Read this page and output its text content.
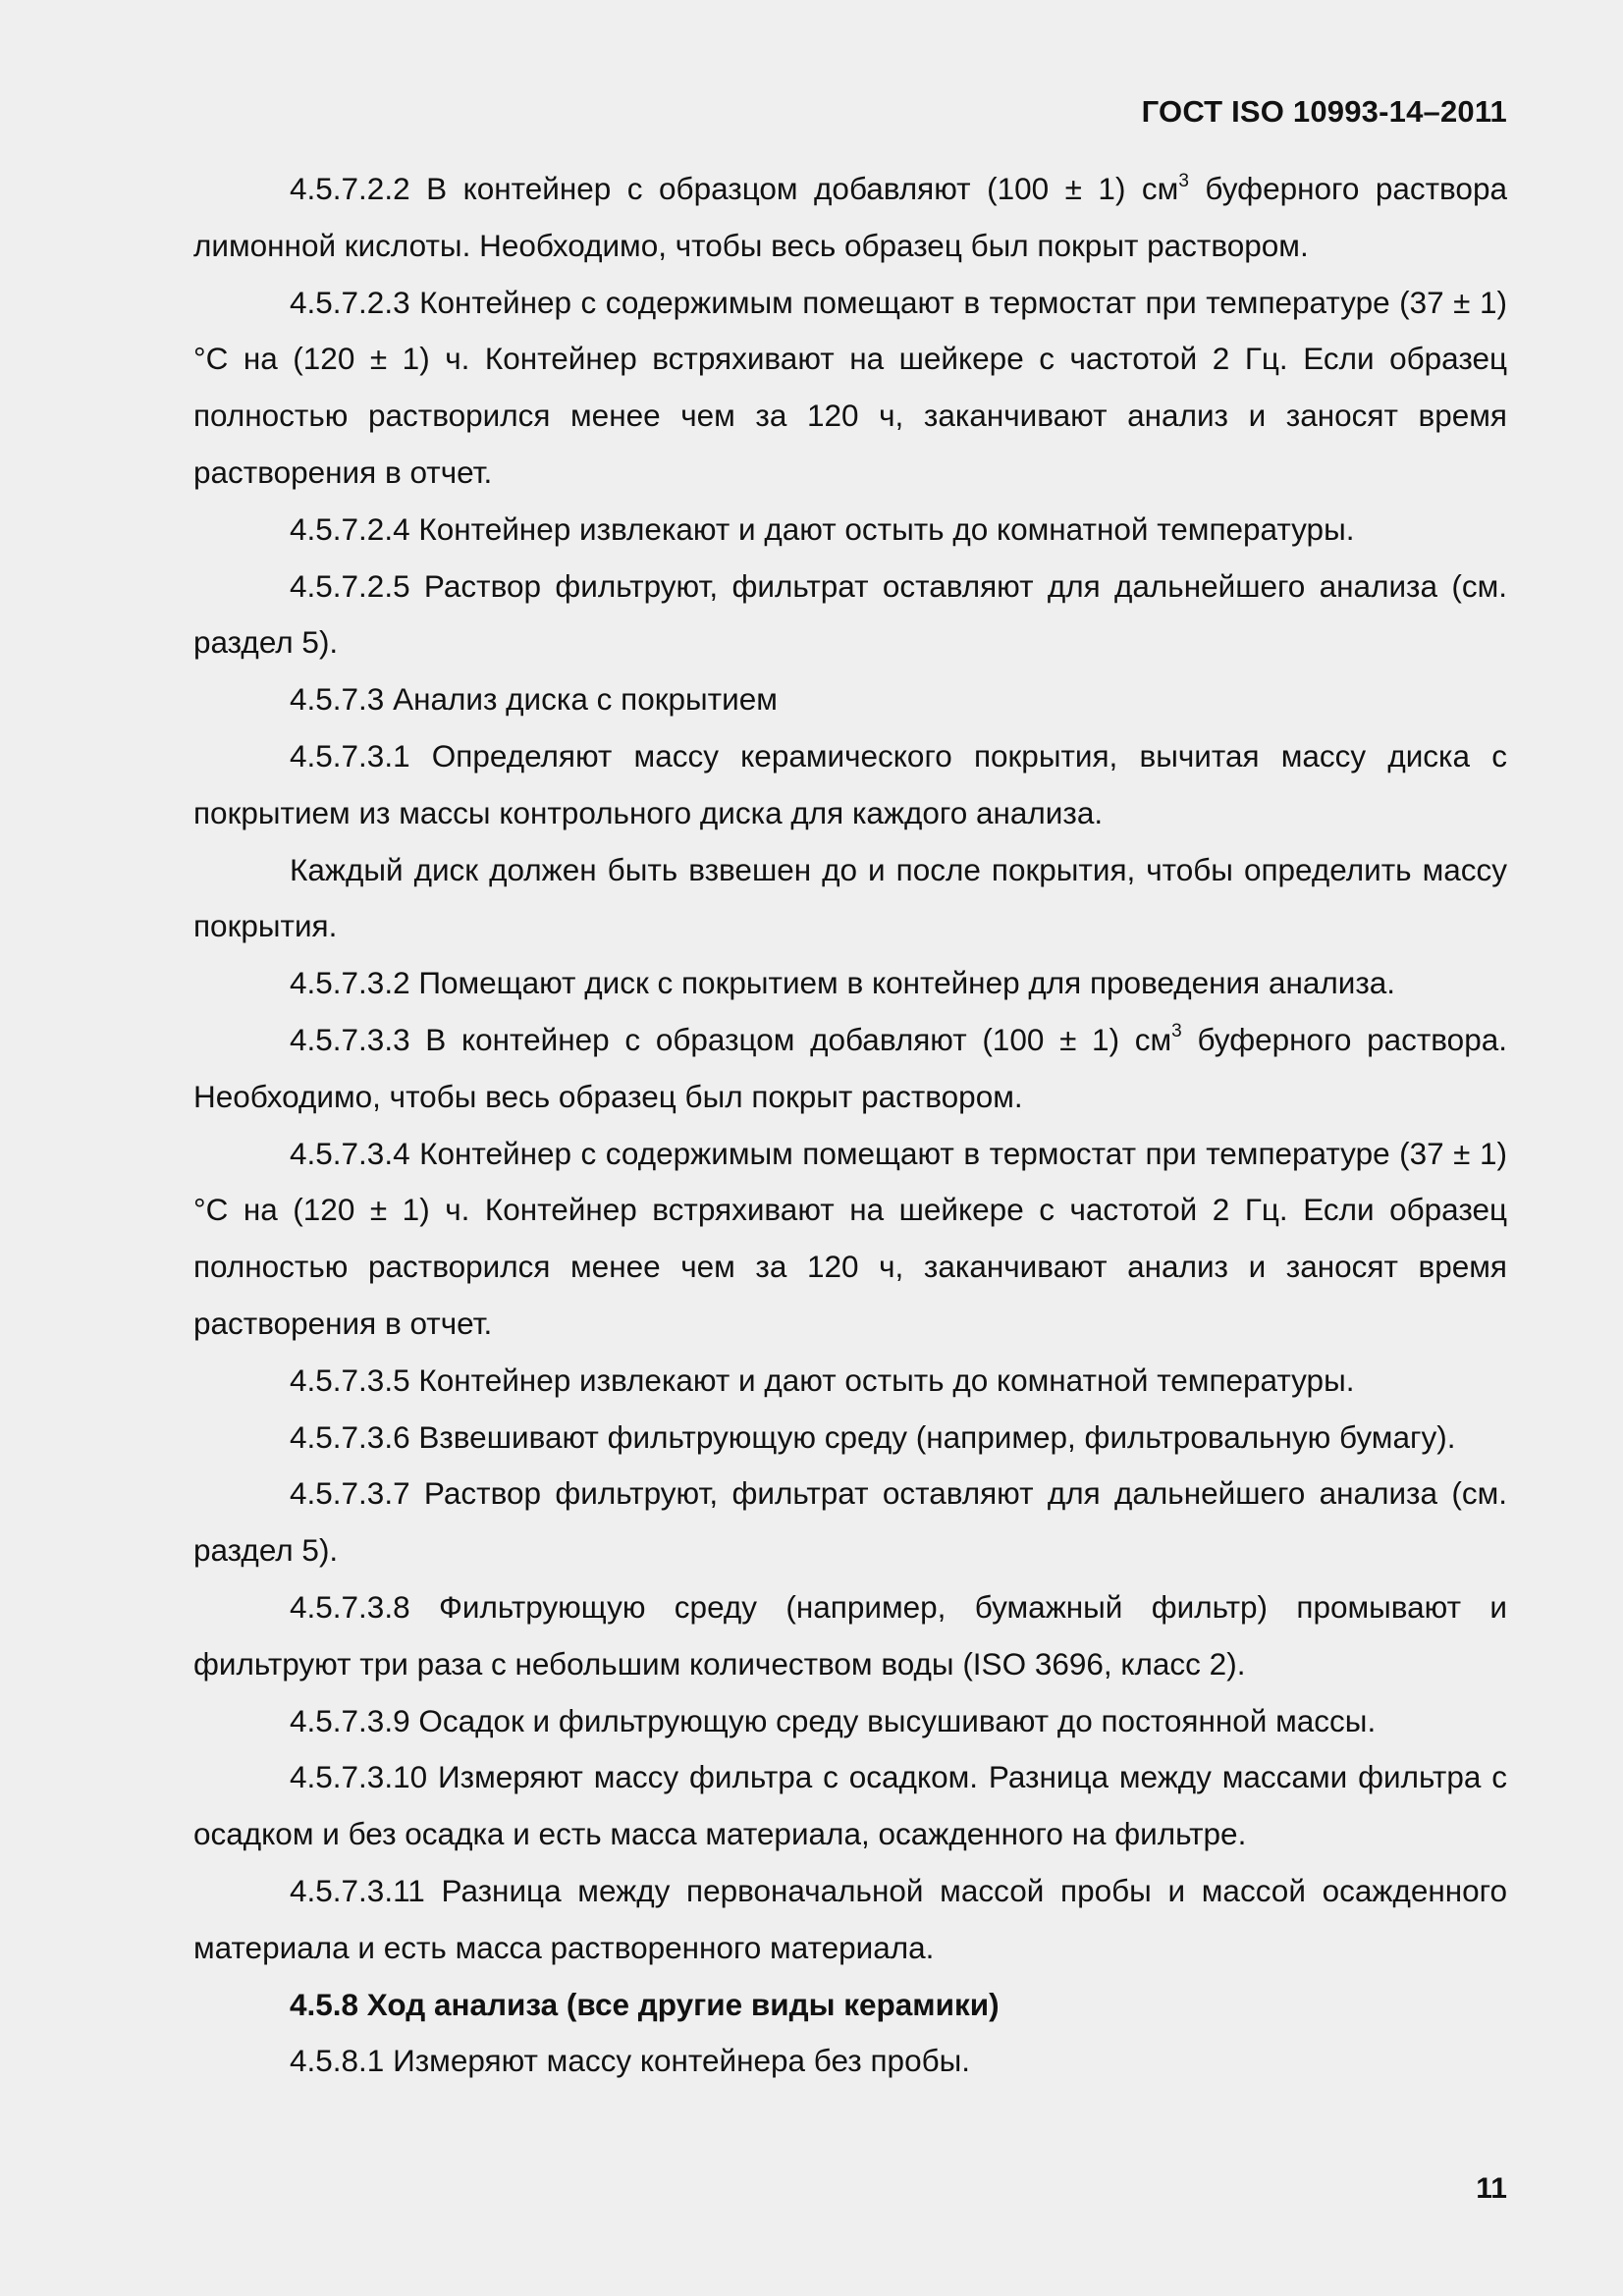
ГОСТ ISO 10993-14–2011

4.5.7.2.2 В контейнер с образцом добавляют (100 ± 1) $см^3$ буферного раствора лимонной кислоты. Необходимо, чтобы весь образец был покрыт раствором.

4.5.7.2.3 Контейнер с содержимым помещают в термостат при температуре (37 ± 1) °С на (120 ± 1) ч. Контейнер встряхивают на шейкере с частотой 2 Гц. Если образец полностью растворился менее чем за 120 ч, заканчивают анализ и заносят время растворения в отчет.

4.5.7.2.4 Контейнер извлекают и дают остыть до комнатной температуры.

4.5.7.2.5 Раствор фильтруют, фильтрат оставляют для дальнейшего анализа (см. раздел 5).

4.5.7.3 Анализ диска с покрытием

4.5.7.3.1 Определяют массу керамического покрытия, вычитая массу диска с покрытием из массы контрольного диска для каждого анализа.

Каждый диск должен быть взвешен до и после покрытия, чтобы определить массу покрытия.

4.5.7.3.2 Помещают диск с покрытием в контейнер для проведения анализа.

4.5.7.3.3 В контейнер с образцом добавляют (100 ± 1) $см^3$ буферного раствора. Необходимо, чтобы весь образец был покрыт раствором.

4.5.7.3.4 Контейнер с содержимым помещают в термостат при температуре (37 ± 1) °С на (120 ± 1) ч. Контейнер встряхивают на шейкере с частотой 2 Гц. Если образец полностью растворился менее чем за 120 ч, заканчивают анализ и заносят время растворения в отчет.

4.5.7.3.5 Контейнер извлекают и дают остыть до комнатной температуры.

4.5.7.3.6 Взвешивают фильтрующую среду (например, фильтровальную бумагу).

4.5.7.3.7 Раствор фильтруют, фильтрат оставляют для дальнейшего анализа (см. раздел 5).

4.5.7.3.8 Фильтрующую среду (например, бумажный фильтр) промывают и фильтруют три раза с небольшим количеством воды (ISO 3696, класс 2).

4.5.7.3.9 Осадок и фильтрующую среду высушивают до постоянной массы.

4.5.7.3.10 Измеряют массу фильтра с осадком. Разница между массами фильтра с осадком и без осадка и есть масса материала, осажденного на фильтре.

4.5.7.3.11 Разница между первоначальной массой пробы и массой осажденного материала и есть масса растворенного материала.

4.5.8 Ход анализа (все другие виды керамики)

4.5.8.1 Измеряют массу контейнера без пробы.

11
